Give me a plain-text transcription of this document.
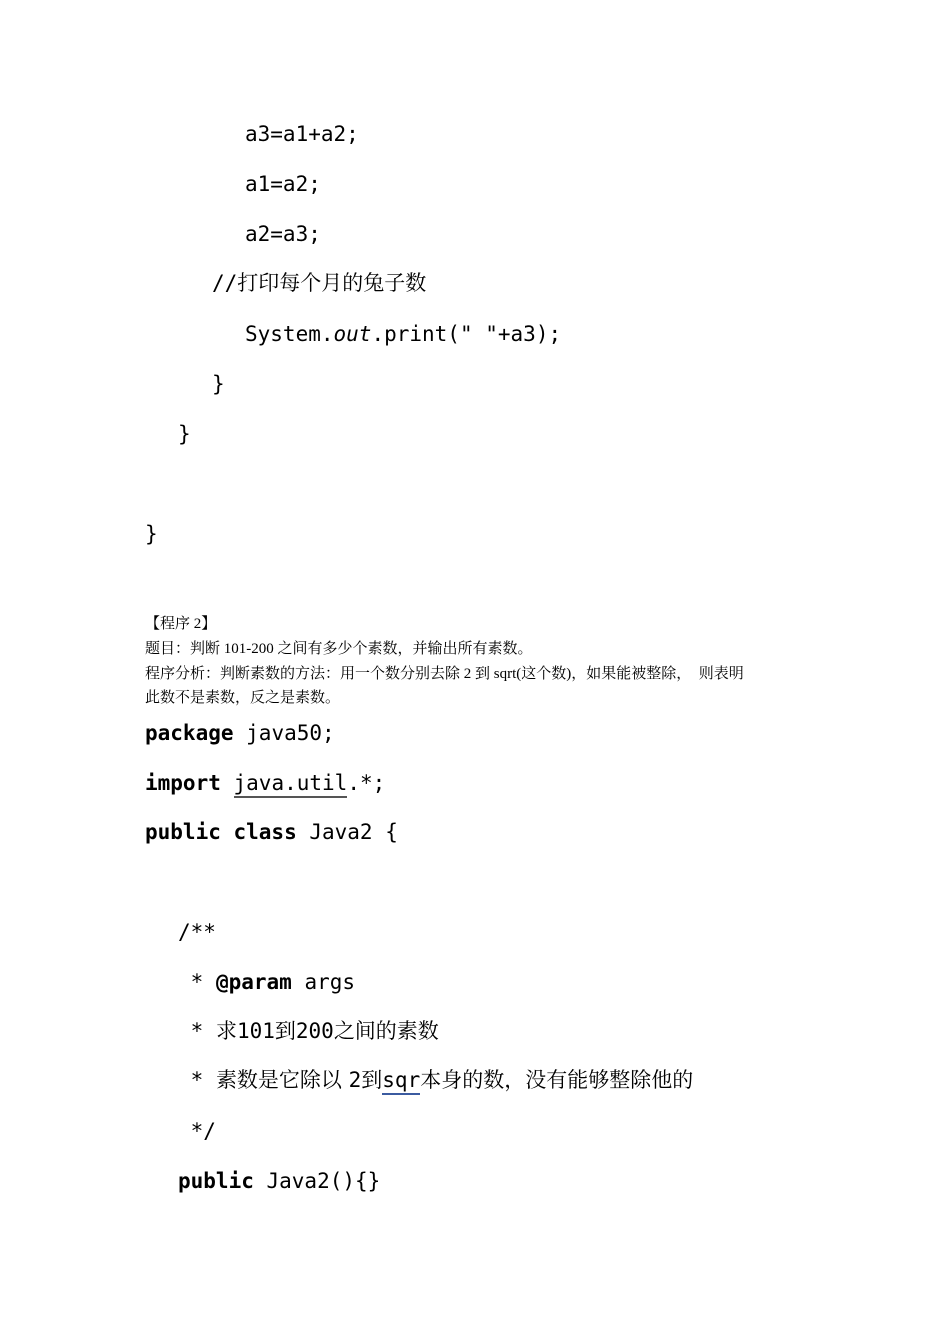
a3=a1+a2;
a1=a2;
a2=a3;
//打印每个月的兔子数
System.out.print(" "+a3);
}
}
}
【程序 2】
题目：判断 101-200 之间有多少个素数，并输出所有素数。
程序分析：判断素数的方法：用一个数分别去除 2 到 sqrt(这个数)，如果能被整除，  则表明
此数不是素数，反之是素数。
package java50;
import java.util.*;
public class Java2 {
/**
* @param args
* 求101到200之间的素数
* 素数是它除以 2到sqr本身的数，没有能够整除他的
*/
public Java2(){}
